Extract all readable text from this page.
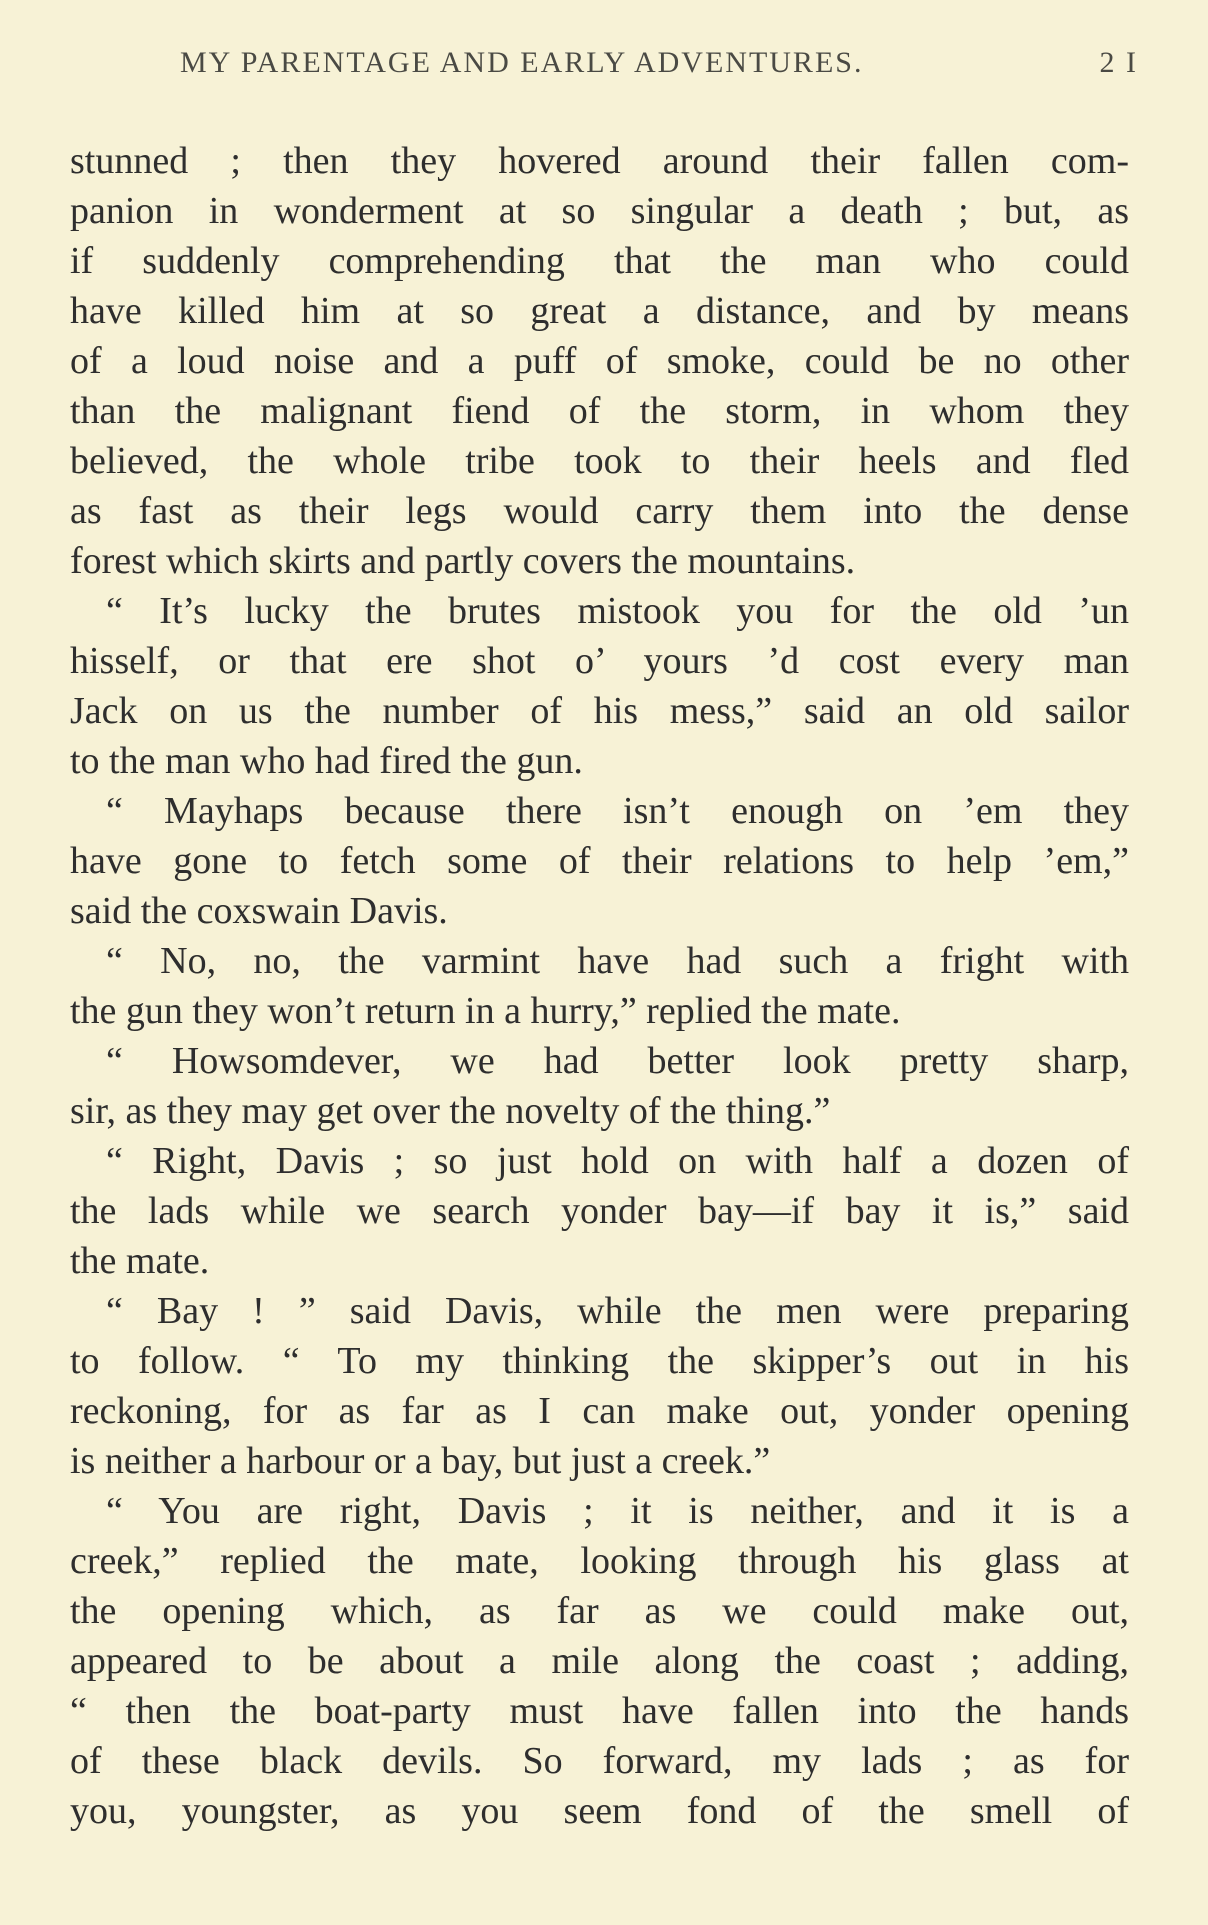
MY PARENTAGE AND EARLY ADVENTURES.	2 I
stunned ; then they hovered around their fallen com-
panion in wonderment at so singular a death ; but, as
if suddenly comprehending that the man who could
have killed him at so great a distance, and by means
of a loud noise and a puff of smoke, could be no other
than the malignant fiend of the storm, in whom they
believed, the whole tribe took to their heels and fled
as fast as their legs would carry them into the dense
forest which skirts and partly covers the mountains.
“ It’s lucky the brutes mistook you for the old ’un
hisself, or that ere shot o’ yours ’d cost every man
Jack on us the number of his mess,” said an old sailor
to the man who had fired the gun.
“ Mayhaps because there isn’t enough on ’em they
have gone to fetch some of their relations to help ’em,”
said the coxswain Davis.
“ No, no, the varmint have had such a fright with
the gun they won’t return in a hurry,” replied the mate.
“ Howsomdever, we had better look pretty sharp,
sir, as they may get over the novelty of the thing.”
“ Right, Davis ; so just hold on with half a dozen of
the lads while we search yonder bay—if bay it is,” said
the mate.
“ Bay ! ” said Davis, while the men were preparing
to follow. “ To my thinking the skipper’s out in his
reckoning, for as far as I can make out, yonder opening
is neither a harbour or a bay, but just a creek.”
“ You are right, Davis ; it is neither, and it is a
creek,” replied the mate, looking through his glass at
the opening which, as far as we could make out,
appeared to be about a mile along the coast ; adding,
“ then the boat-party must have fallen into the hands
of these black devils. So forward, my lads ; as for
you, youngster, as you seem fond of the smell of
